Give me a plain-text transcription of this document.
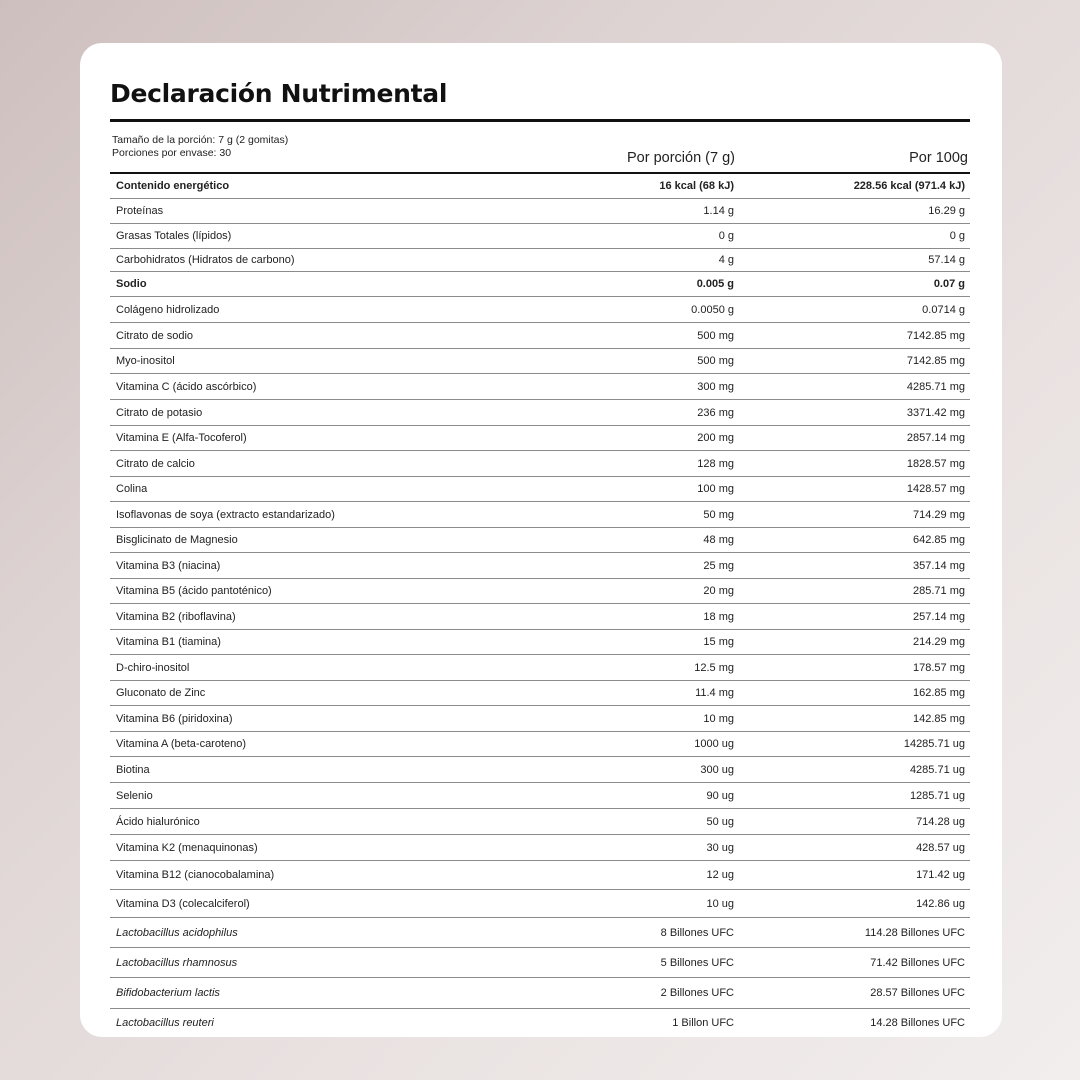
Declaración Nutrimental
Tamaño de la porción: 7 g (2 gomitas)
Porciones por envase: 30	Por porción (7 g)	Por 100g
Contenido energético	16 kcal (68 kJ)	228.56 kcal (971.4 kJ)
Proteínas	1.14 g	16.29 g
Grasas Totales (lípidos)	0 g	0 g
Carbohidratos (Hidratos de carbono)	4 g	57.14 g
Sodio	0.005 g	0.07 g
Colágeno hidrolizado	0.0050 g	0.0714 g
Citrato de sodio	500 mg	7142.85 mg
Myo-inositol	500 mg	7142.85 mg
Vitamina C (ácido ascórbico)	300 mg	4285.71 mg
Citrato de potasio	236 mg	3371.42 mg
Vitamina E (Alfa-Tocoferol)	200 mg	2857.14 mg
Citrato de calcio	128 mg	1828.57 mg
Colina	100 mg	1428.57 mg
Isoflavonas de soya (extracto estandarizado)	50 mg	714.29 mg
Bisglicinato de Magnesio	48 mg	642.85 mg
Vitamina B3 (niacina)	25 mg	357.14 mg
Vitamina B5 (ácido pantoténico)	20 mg	285.71 mg
Vitamina B2 (riboflavina)	18 mg	257.14 mg
Vitamina B1 (tiamina)	15 mg	214.29 mg
D-chiro-inositol	12.5 mg	178.57 mg
Gluconato de Zinc	11.4 mg	162.85 mg
Vitamina B6 (piridoxina)	10 mg	142.85 mg
Vitamina A (beta-caroteno)	1000 ug	14285.71 ug
Biotina	300 ug	4285.71 ug
Selenio	90 ug	1285.71 ug
Ácido hialurónico	50 ug	714.28 ug
Vitamina K2 (menaquinonas)	30 ug	428.57 ug
Vitamina B12 (cianocobalamina)	12 ug	171.42 ug
Vitamina D3 (colecalciferol)	10 ug	142.86 ug
Lactobacillus acidophilus	8 Billones UFC	114.28 Billones UFC
Lactobacillus rhamnosus	5 Billones UFC	71.42 Billones UFC
Bifidobacterium lactis	2 Billones UFC	28.57 Billones UFC
Lactobacillus reuteri	1 Billon UFC	14.28 Billones UFC
